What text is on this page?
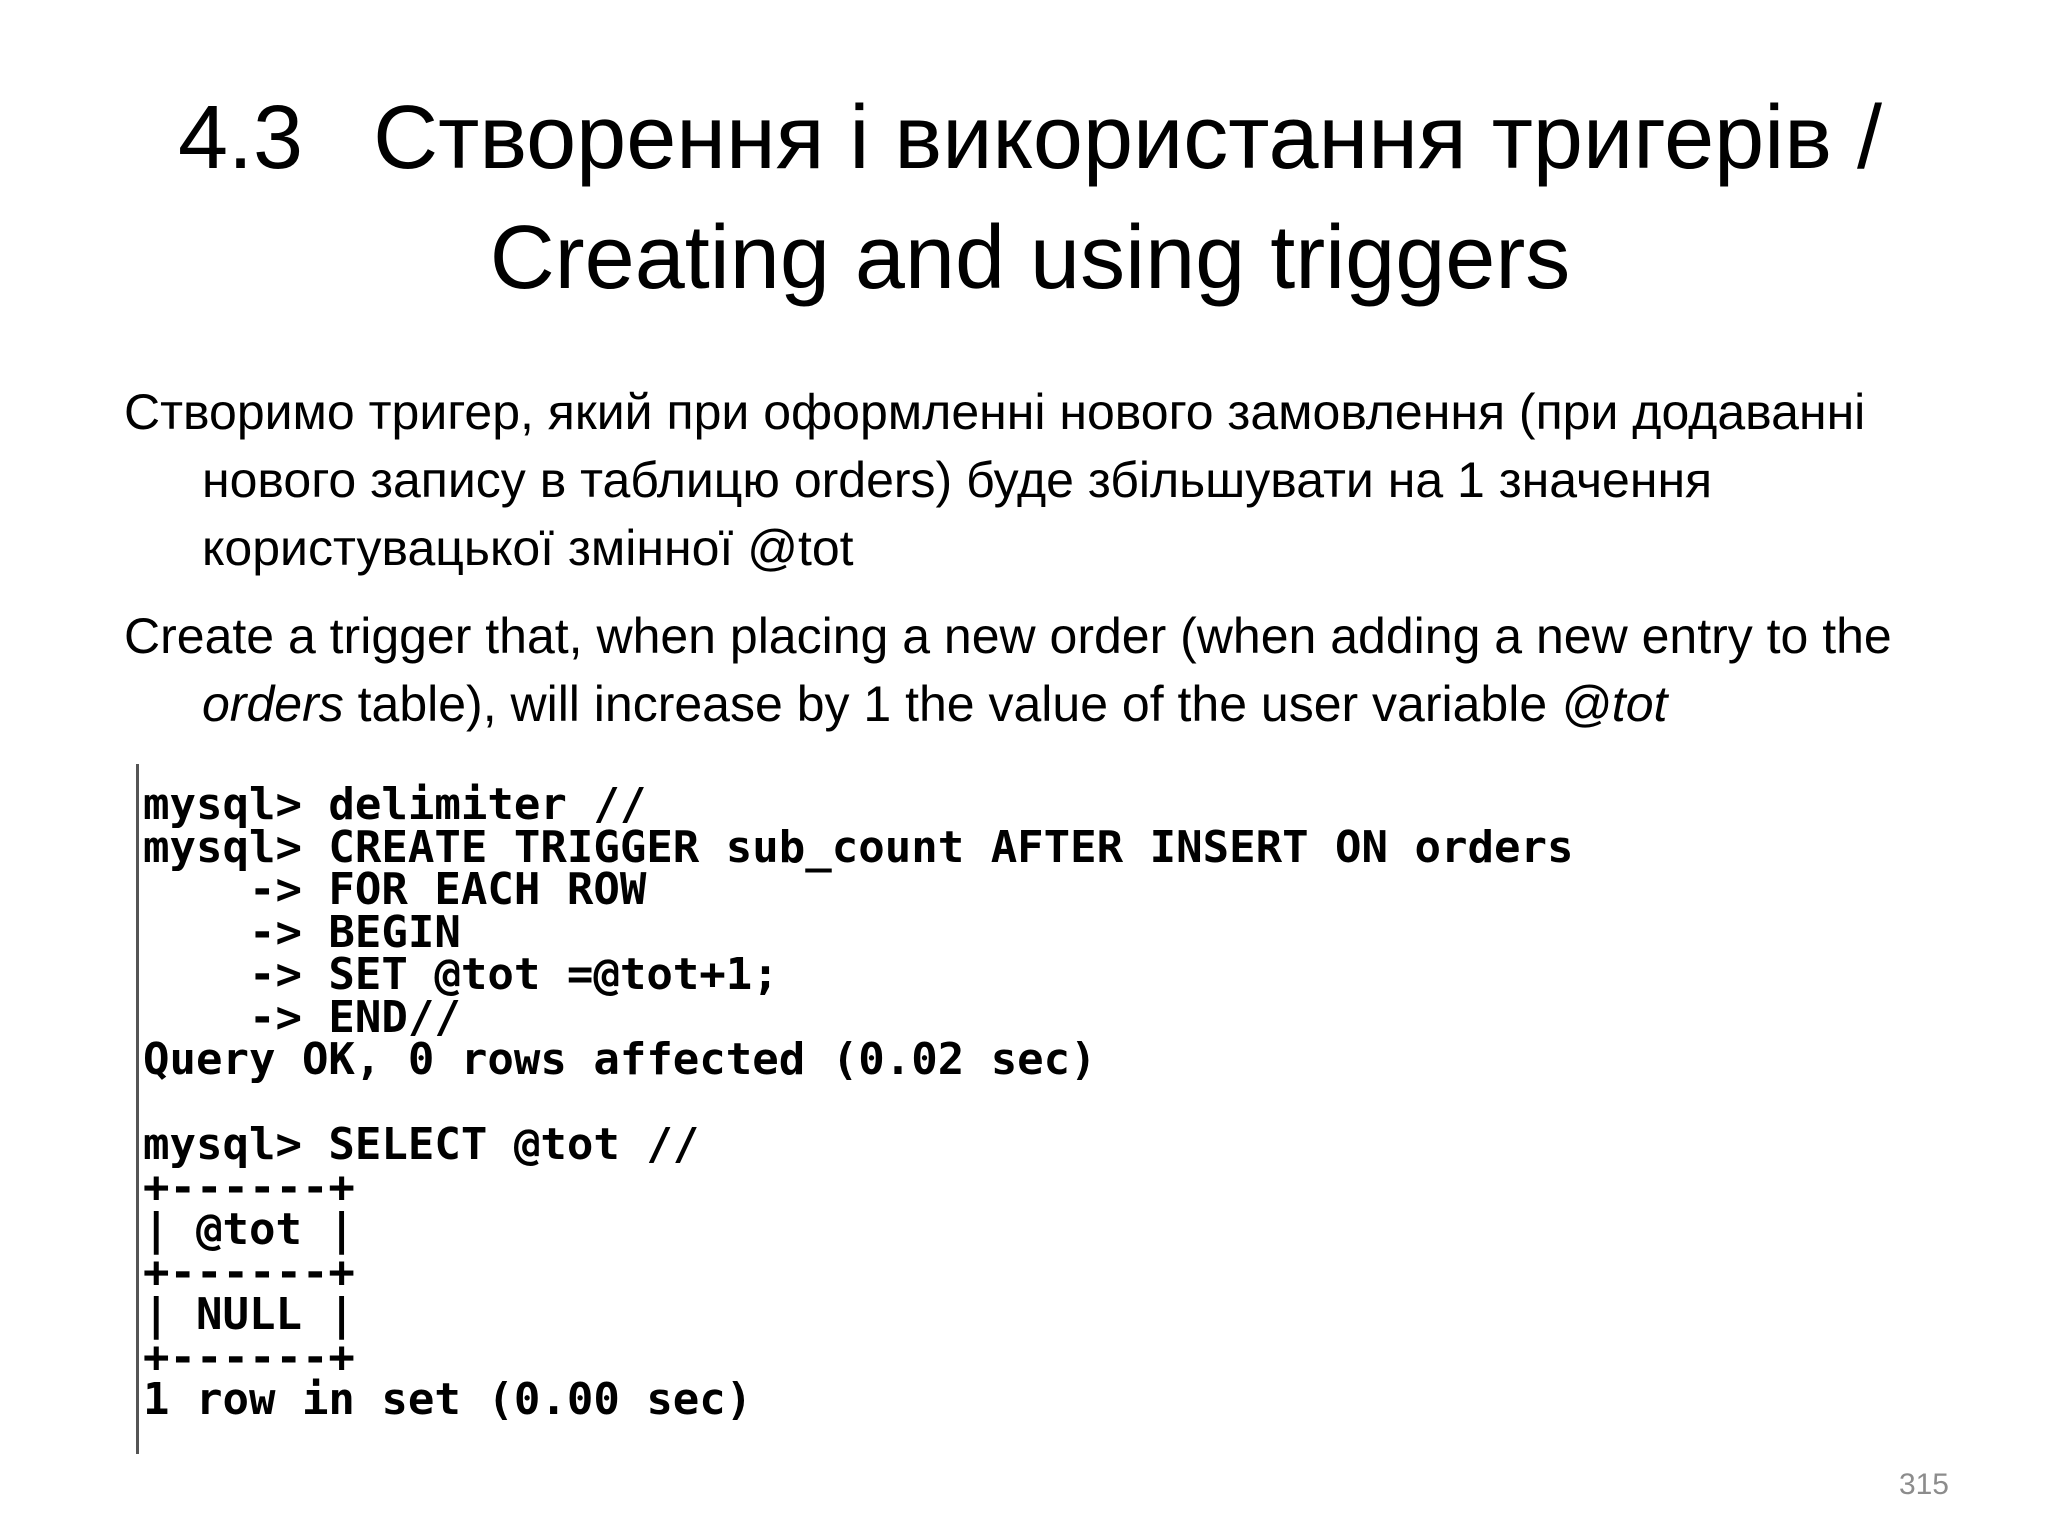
4.3 Створення і використання тригерів /
Creating and using triggers

Створимо тригер, який при оформленні нового замовлення (при додаванні нового запису в таблицю orders) буде збільшувати на 1 значення користувацької змінної @tot

Create a trigger that, when placing a new order (when adding a new entry to the orders table), will increase by 1 the value of the user variable @tot

mysql> delimiter //
mysql> CREATE TRIGGER sub_count AFTER INSERT ON orders
-> FOR EACH ROW
-> BEGIN
-> SET @tot =@tot+1;
-> END//
Query OK, 0 rows affected (0.02 sec)
mysql> SELECT @tot //
+------+
| @tot |
+------+
| NULL |
+------+
1 row in set (0.00 sec)
315
